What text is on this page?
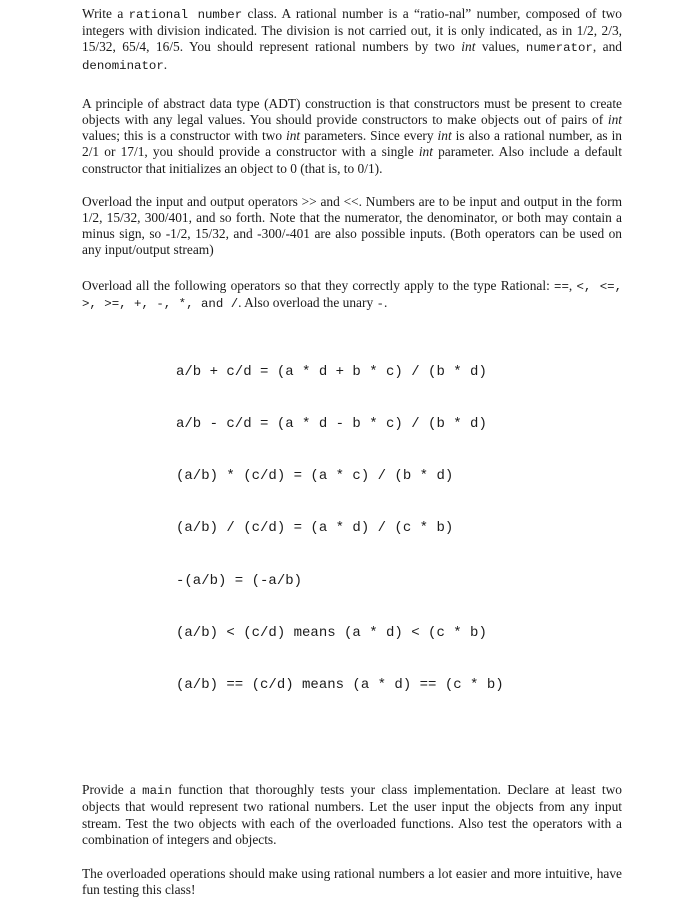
Write a rational number class. A rational number is a “ratio-nal” number, composed of two integers with division indicated. The division is not carried out, it is only indicated, as in 1/2, 2/3, 15/32, 65/4, 16/5. You should represent rational numbers by two int values, numerator, and denominator.

A principle of abstract data type (ADT) construction is that constructors must be present to create objects with any legal values. You should provide constructors to make objects out of pairs of int values; this is a constructor with two int parameters. Since every int is also a rational number, as in 2/1 or 17/1, you should provide a constructor with a single int parameter. Also include a default constructor that initializes an object to 0 (that is, to 0/1).

Overload the input and output operators >> and <<. Numbers are to be input and output in the form 1/2, 15/32, 300/401, and so forth. Note that the numerator, the denominator, or both may contain a minus sign, so -1/2, 15/32, and -300/-401 are also possible inputs. (Both operators can be used on any input/output stream)

Overload all the following operators so that they correctly apply to the type Rational: ==, <, <=, >, >=, +, -, *, and /. Also overload the unary -.

a/b + c/d = (a * d + b * c) / (b * d)

a/b - c/d = (a * d - b * c) / (b * d)

(a/b) * (c/d) = (a * c) / (b * d)

(a/b) / (c/d) = (a * d) / (c * b)

-(a/b) = (-a/b)

(a/b) < (c/d) means (a * d) < (c * b)

(a/b) == (c/d) means (a * d) == (c * b)

Provide a main function that thoroughly tests your class implementation. Declare at least two objects that would represent two rational numbers. Let the user input the objects from any input stream. Test the two objects with each of the overloaded functions. Also test the operators with a combination of integers and objects.

The overloaded operations should make using rational numbers a lot easier and more intuitive, have fun testing this class!
